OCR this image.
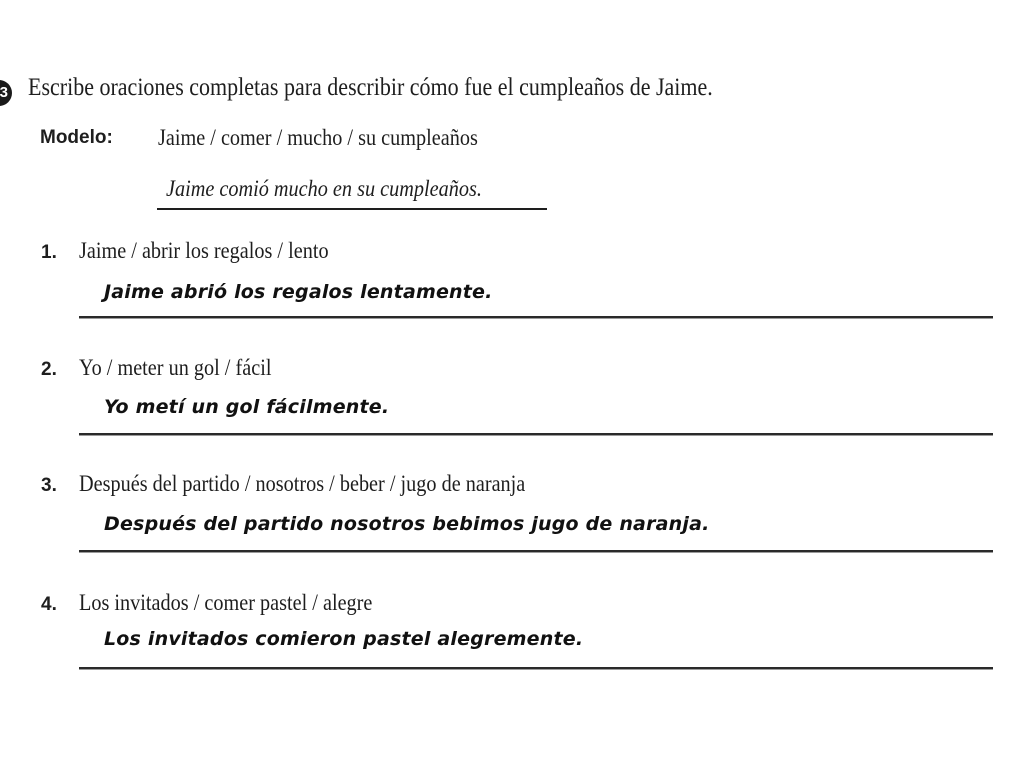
3 Escribe oraciones completas para describir cómo fue el cumpleaños de Jaime.
Modelo: Jaime / comer / mucho / su cumpleaños
Jaime comió mucho en su cumpleaños.
1. Jaime / abrir los regalos / lento
Jaime abrió los regalos lentamente.
2. Yo / meter un gol / fácil
Yo metí un gol fácilmente.
3. Después del partido / nosotros / beber / jugo de naranja
Después del partido nosotros bebimos jugo de naranja.
4. Los invitados / comer pastel / alegre
Los invitados comieron pastel alegremente.
